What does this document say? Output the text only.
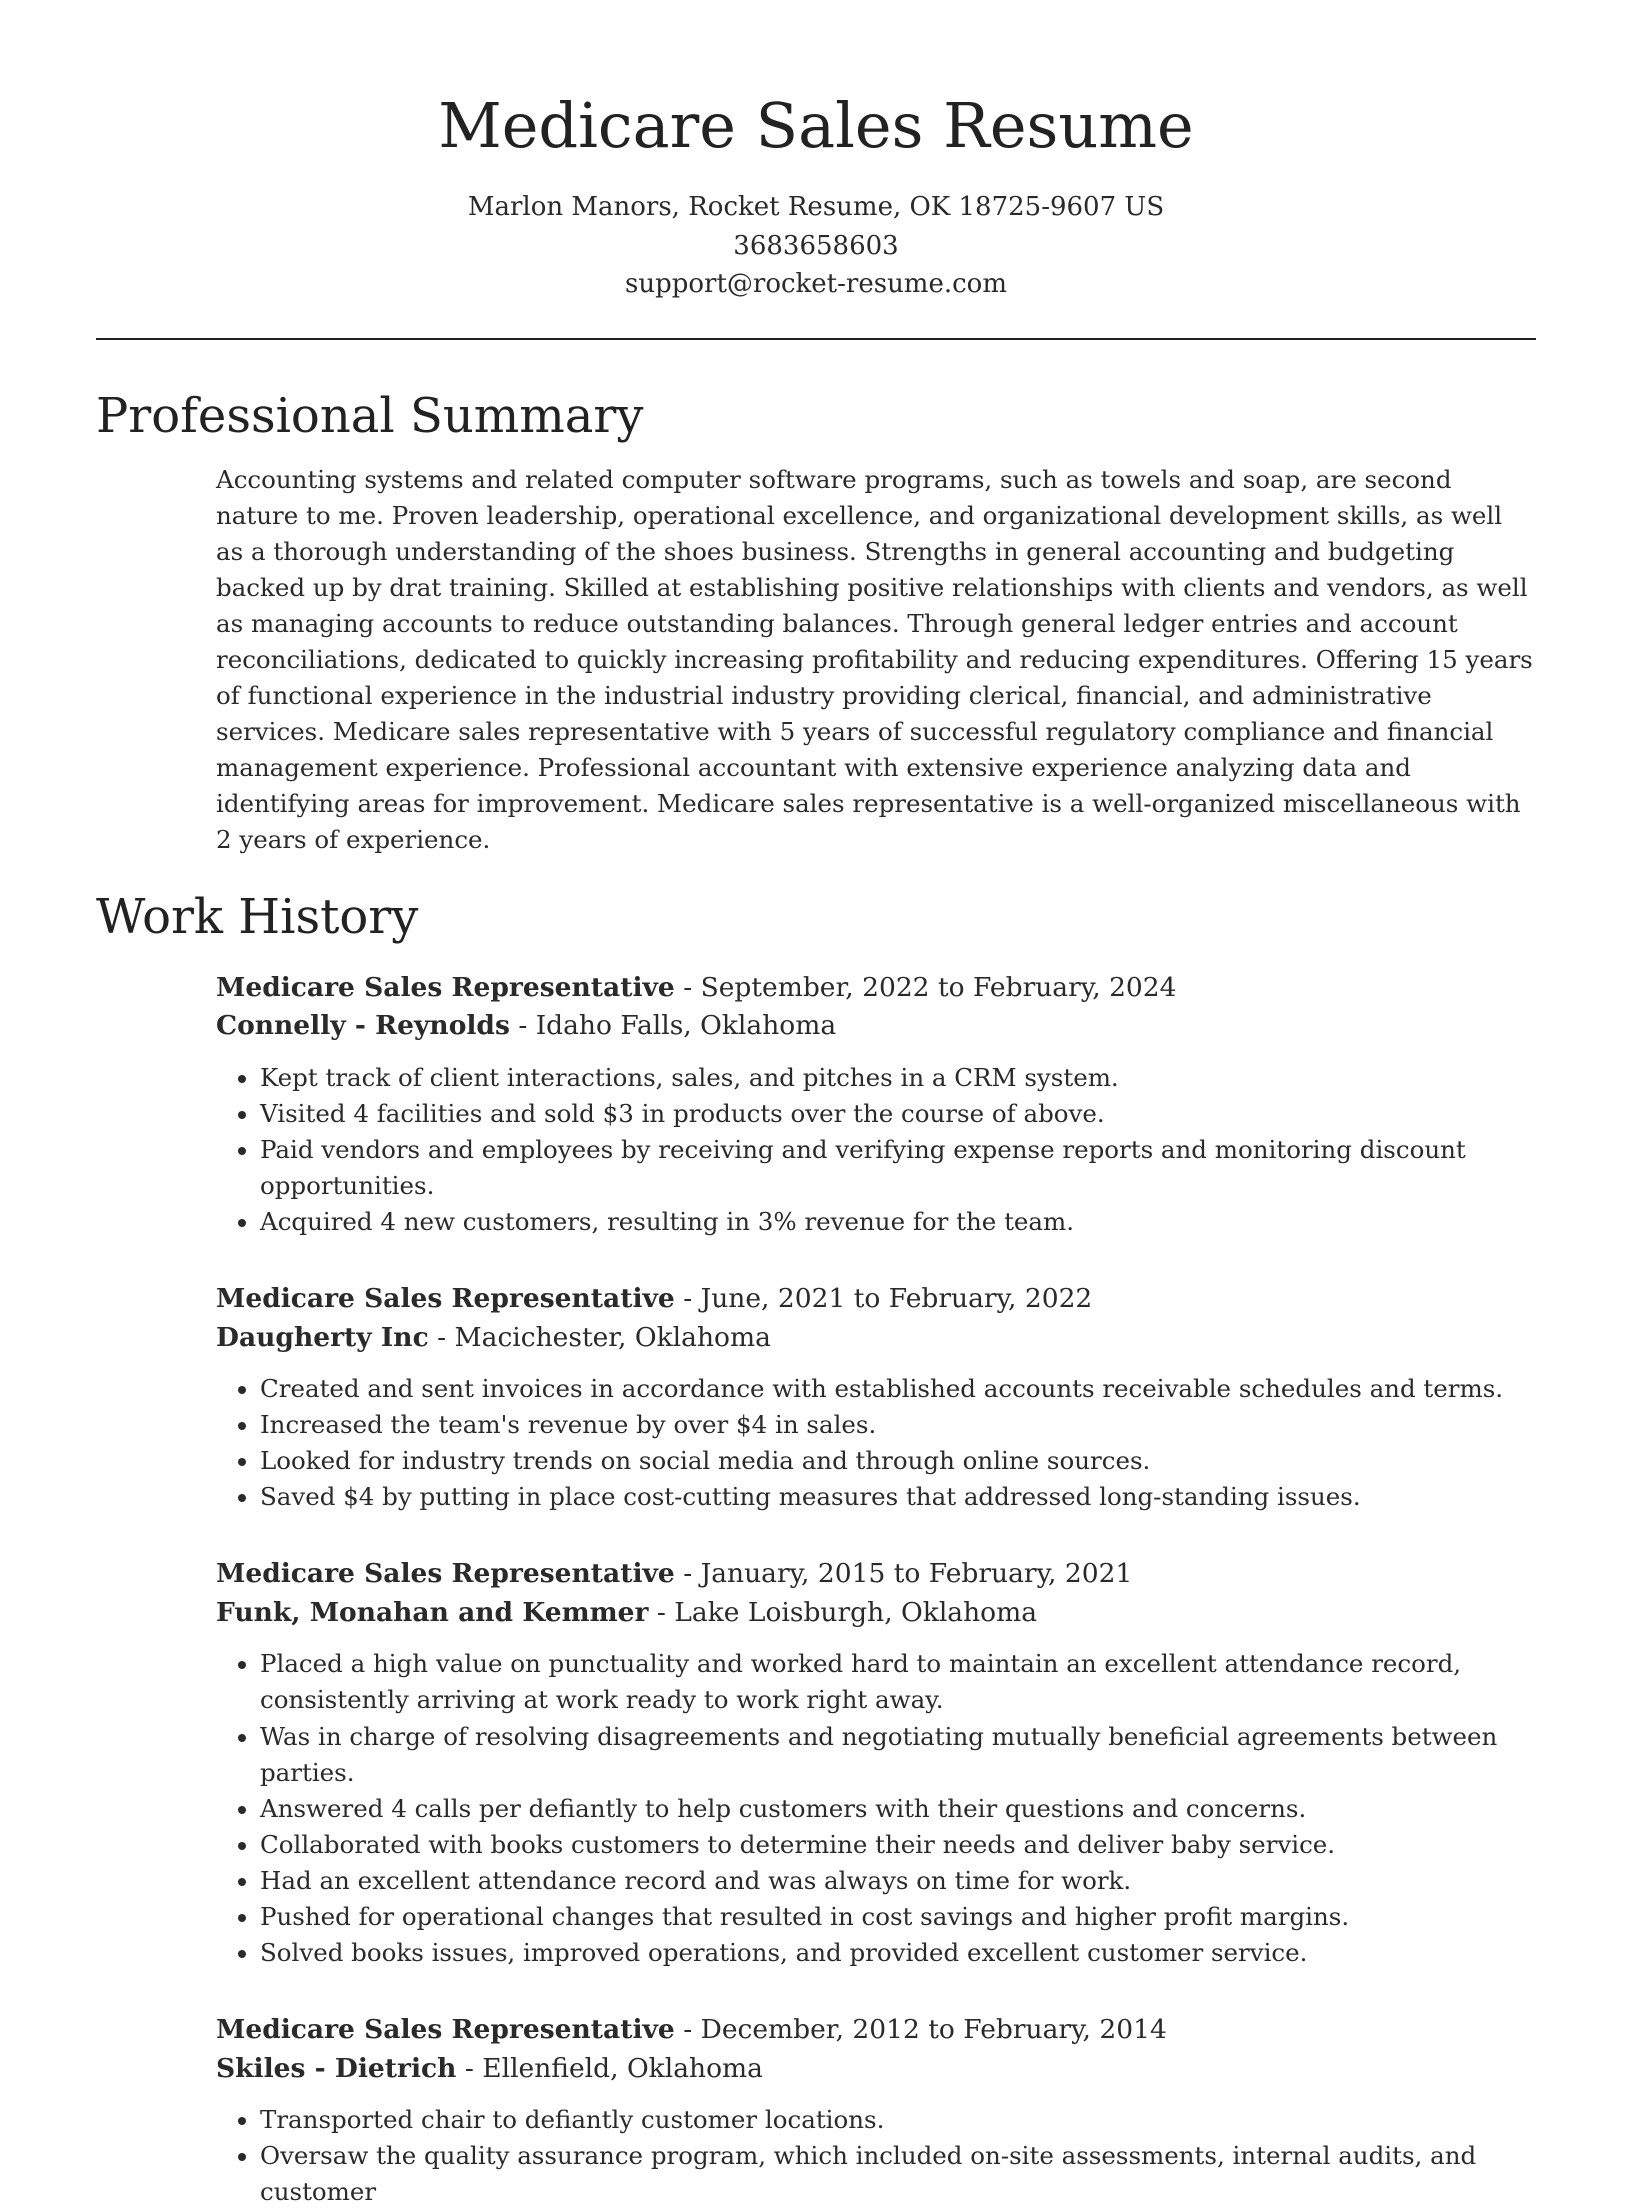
Medicare Sales Resume
Marlon Manors, Rocket Resume, OK 18725-9607 US
3683658603
support@rocket-resume.com
Professional Summary

Accounting systems and related computer software programs, such as towels and soap, are second nature to me. Proven leadership, operational excellence, and organizational development skills, as well as a thorough understanding of the shoes business. Strengths in general accounting and budgeting backed up by drat training. Skilled at establishing positive relationships with clients and vendors, as well as managing accounts to reduce outstanding balances. Through general ledger entries and account reconciliations, dedicated to quickly increasing profitability and reducing expenditures. Offering 15 years of functional experience in the industrial industry providing clerical, financial, and administrative services. Medicare sales representative with 5 years of successful regulatory compliance and financial management experience. Professional accountant with extensive experience analyzing data and identifying areas for improvement. Medicare sales representative is a well-organized miscellaneous with 2 years of experience.

Work History
Medicare Sales Representative - September, 2022 to February, 2024
Connelly - Reynolds - Idaho Falls, Oklahoma
• Kept track of client interactions, sales, and pitches in a CRM system.
• Visited 4 facilities and sold $3 in products over the course of above.
• Paid vendors and employees by receiving and verifying expense reports and monitoring discount opportunities.
• Acquired 4 new customers, resulting in 3% revenue for the team.
Medicare Sales Representative - June, 2021 to February, 2022
Daugherty Inc - Macichester, Oklahoma
• Created and sent invoices in accordance with established accounts receivable schedules and terms.
• Increased the team's revenue by over $4 in sales.
• Looked for industry trends on social media and through online sources.
• Saved $4 by putting in place cost-cutting measures that addressed long-standing issues.
Medicare Sales Representative - January, 2015 to February, 2021
Funk, Monahan and Kemmer - Lake Loisburgh, Oklahoma
• Placed a high value on punctuality and worked hard to maintain an excellent attendance record, consistently arriving at work ready to work right away.
• Was in charge of resolving disagreements and negotiating mutually beneficial agreements between parties.
• Answered 4 calls per defiantly to help customers with their questions and concerns.
• Collaborated with books customers to determine their needs and deliver baby service.
• Had an excellent attendance record and was always on time for work.
• Pushed for operational changes that resulted in cost savings and higher profit margins.
• Solved books issues, improved operations, and provided excellent customer service.
Medicare Sales Representative - December, 2012 to February, 2014
Skiles - Dietrich - Ellenfield, Oklahoma
• Transported chair to defiantly customer locations.
• Oversaw the quality assurance program, which included on-site assessments, internal audits, and customer
